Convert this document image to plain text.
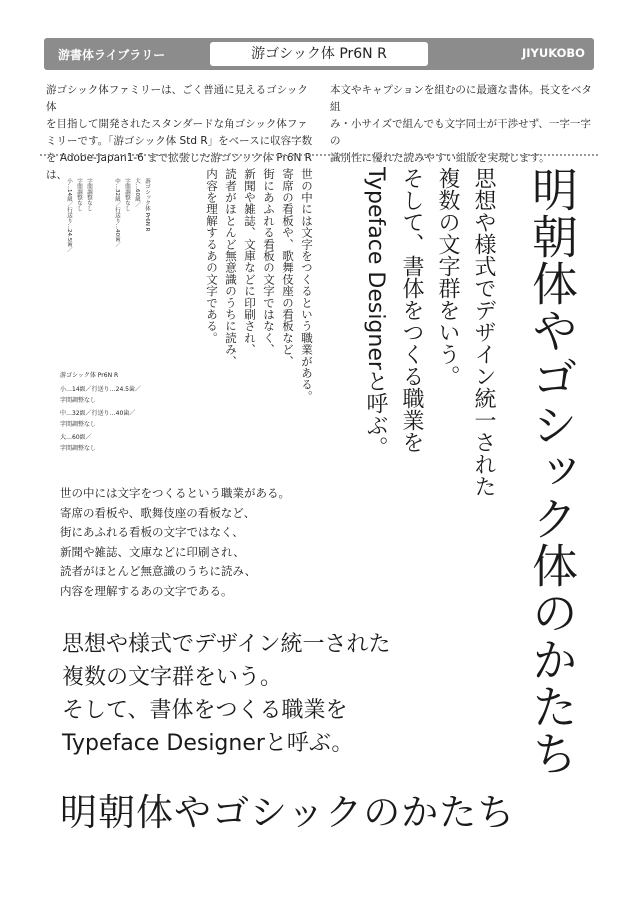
游書体ライブラリー	游ゴシック体 Pr6N R	JIYUKOBO
游ゴシック体ファミリーは、ごく普通に見えるゴシック体
を目指して開発されたスタンダードな角ゴシック体ファ
ミリーです。「游ゴシック体 Std R」をベースに収容字数
を Adobe-Japan1-6 まで拡張した游ゴシック体 Pr6N R は、
本文やキャプションを組むのに最適な書体。長文をベタ組
み・小サイズで組んでも文字同士が干渉せず、一字一字の
識別性に優れた読みやすい組版を実現します。
字間調整なし
字間調整なし
小…14級／行送り…24.5歯／	游ゴシック体 Pr6N R
大…60級／
字間調整なし
中…32級／行送り…40歯／	世の中には文字をつくるという職業がある。
寄席の看板や、歌舞伎座の看板など、
街にあふれる看板の文字ではなく、
新聞や雑誌、文庫などに印刷され、
読者がほとんど無意識のうちに読み、
内容を理解するあの文字である。	思想や様式でデザイン統一された
複数の文字群をいう。
そして、書体をつくる職業を
Typeface Designerと呼ぶ。	明朝体やゴシック体のかたち
游ゴシック体 Pr6N R
小…14級／行送り…24.5歯／
字間調整なし
中…32級／行送り…40歯／
字間調整なし
大…60級／
字間調整なし
世の中には文字をつくるという職業がある。
寄席の看板や、歌舞伎座の看板など、
街にあふれる看板の文字ではなく、
新聞や雑誌、文庫などに印刷され、
読者がほとんど無意識のうちに読み、
内容を理解するあの文字である。
思想や様式でデザイン統一された
複数の文字群をいう。
そして、書体をつくる職業を
Typeface Designerと呼ぶ。
明朝体やゴシックのかたち
